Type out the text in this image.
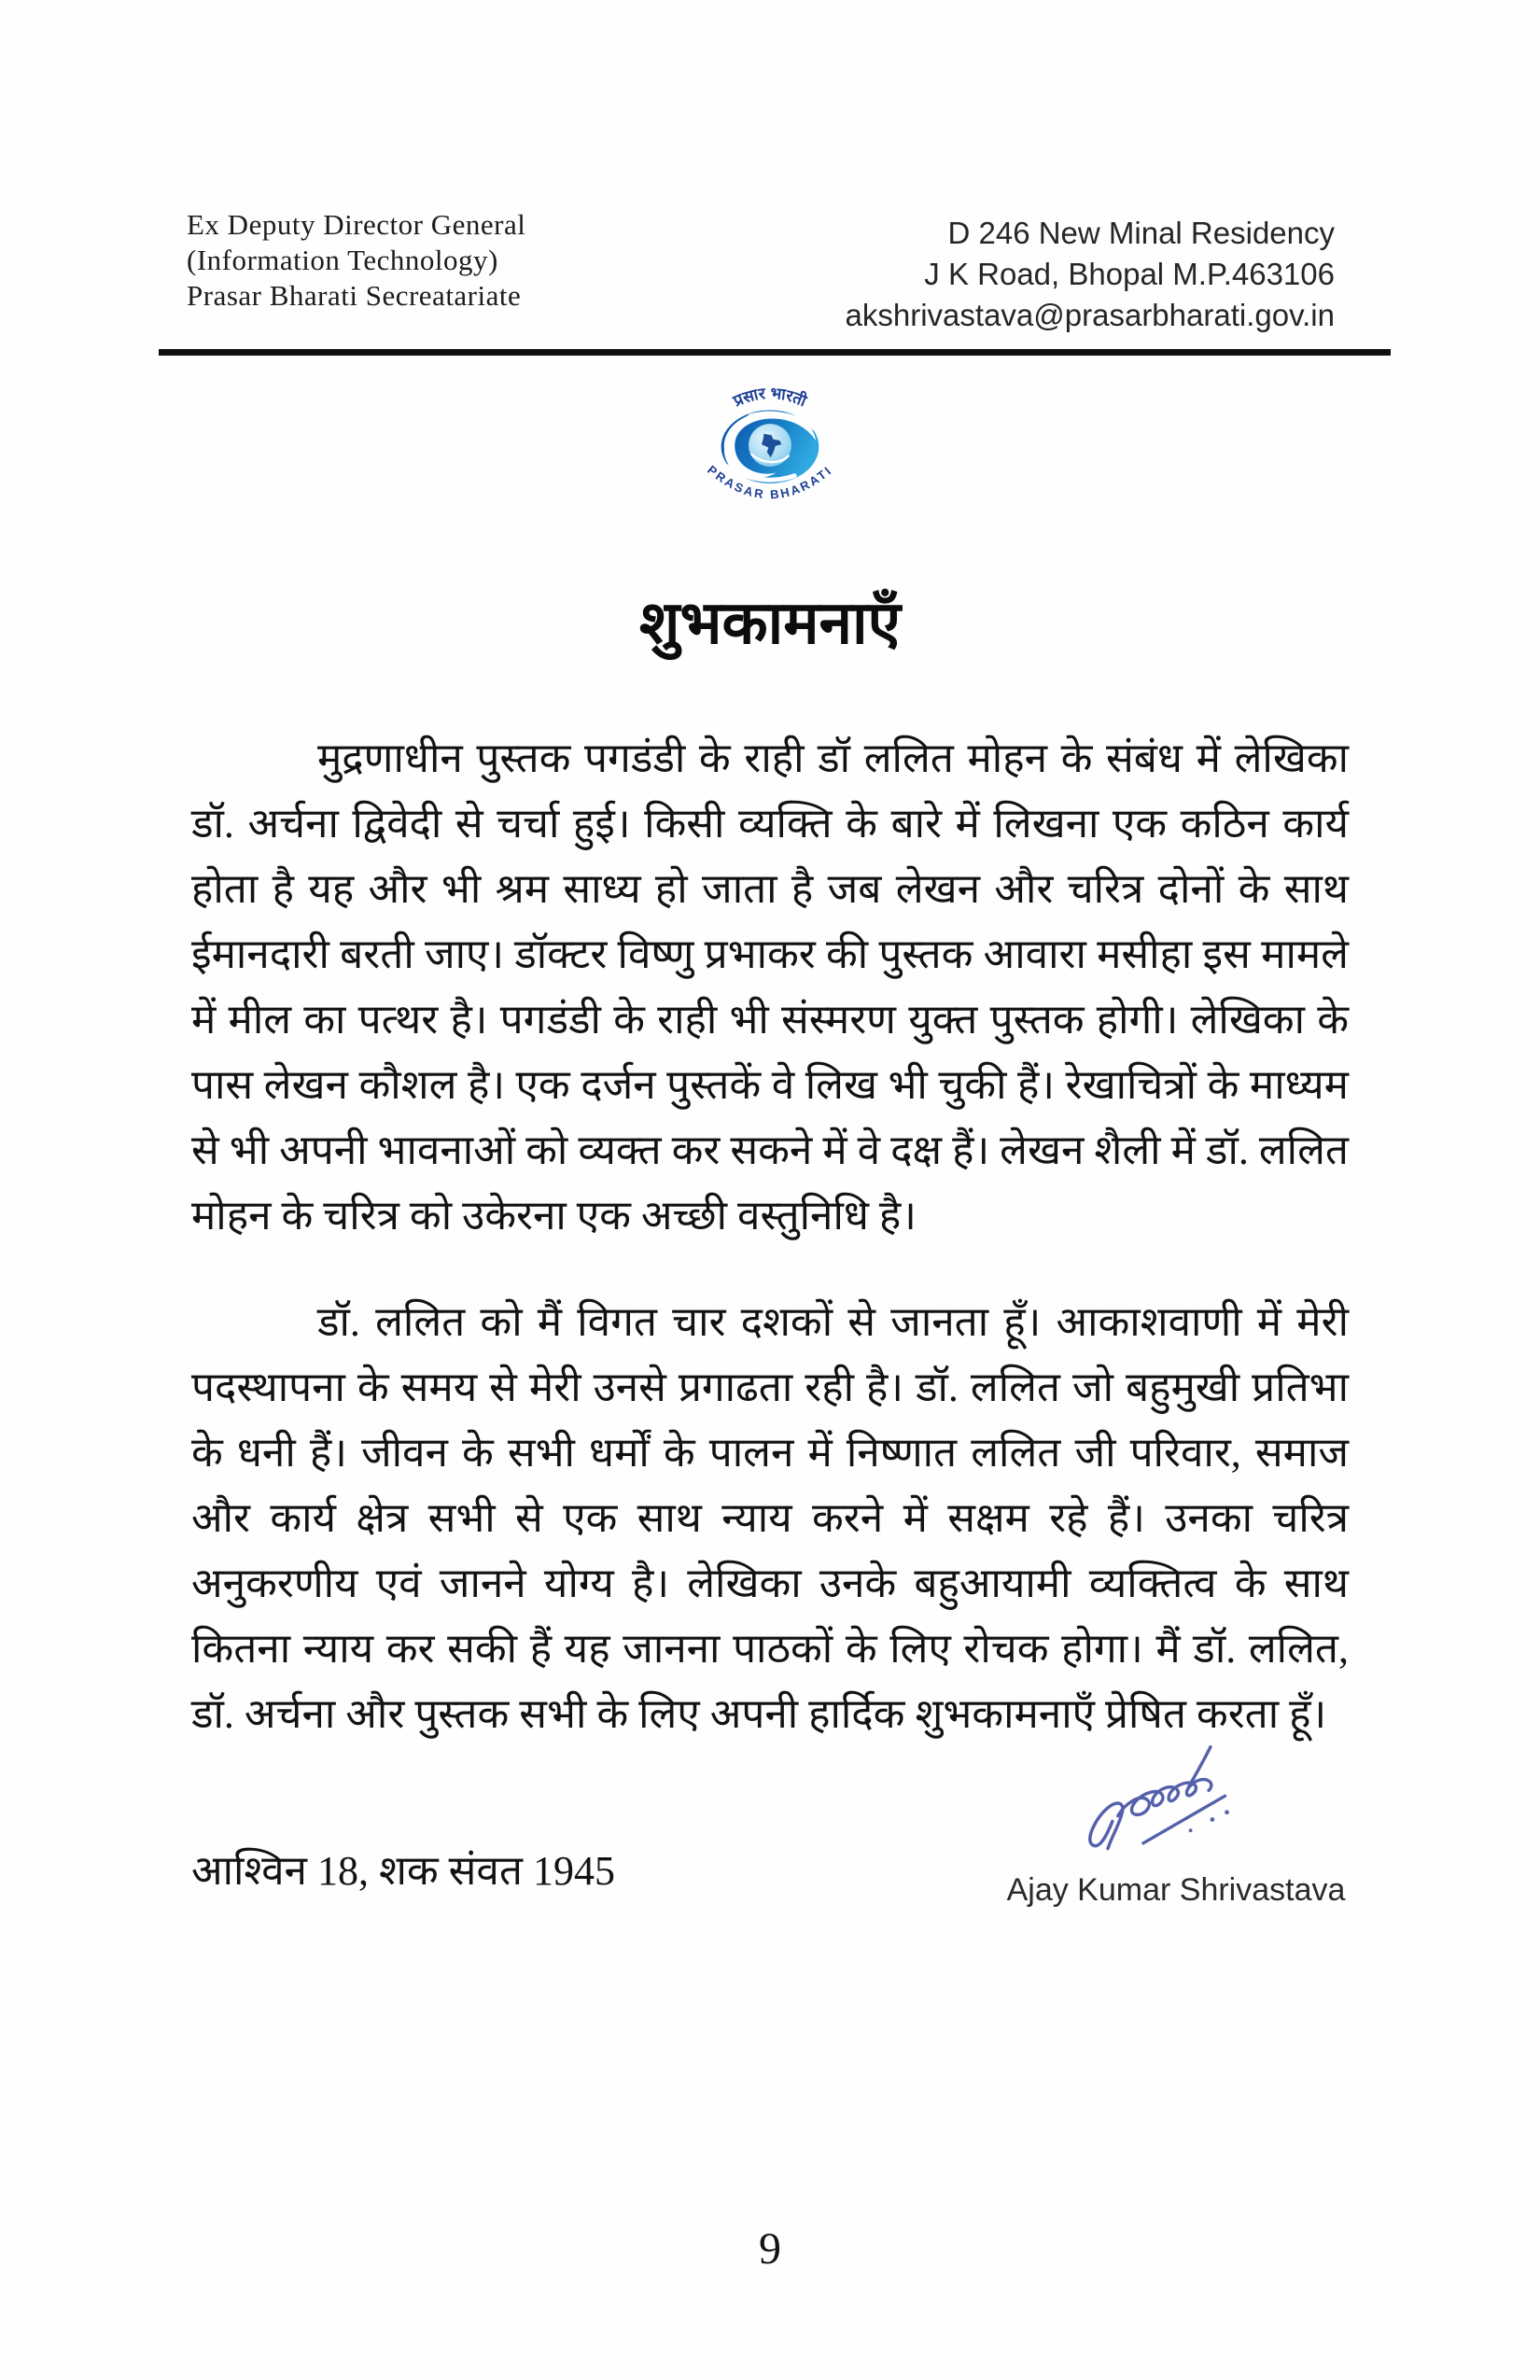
Ex Deputy Director General
(Information Technology)
Prasar Bharati Secreatariate
D 246 New Minal Residency
J K Road, Bhopal M.P.463106
akshrivastava@prasarbharati.gov.in
प्रसार भारती
PRASAR BHARATI
शुभकामनाएँ

मुद्रणाधीन पुस्तक पगडंडी के राही डॉ ललित मोहन के संबंध में लेखिका डॉ. अर्चना द्विवेदी से चर्चा हुई। किसी व्यक्ति के बारे में लिखना एक कठिन कार्य होता है यह और भी श्रम साध्य हो जाता है जब लेखन और चरित्र दोनों के साथ ईमानदारी बरती जाए। डॉक्टर विष्णु प्रभाकर की पुस्तक आवारा मसीहा इस मामले में मील का पत्थर है। पगडंडी के राही भी संस्मरण युक्त पुस्तक होगी। लेखिका के पास लेखन कौशल है। एक दर्जन पुस्तकें वे लिख भी चुकी हैं। रेखाचित्रों के माध्यम से भी अपनी भावनाओं को व्यक्त कर सकने में वे दक्ष हैं। लेखन शैली में डॉ. ललित मोहन के चरित्र को उकेरना एक अच्छी वस्तुनिधि है।

डॉ. ललित को मैं विगत चार दशकों से जानता हूँ। आकाशवाणी में मेरी पदस्थापना के समय से मेरी उनसे प्रगाढता रही है। डॉ. ललित जो बहुमुखी प्रतिभा के धनी हैं। जीवन के सभी धर्मों के पालन में निष्णात ललित जी परिवार, समाज और कार्य क्षेत्र सभी से एक साथ न्याय करने में सक्षम रहे हैं। उनका चरित्र अनुकरणीय एवं जानने योग्य है। लेखिका उनके बहुआयामी व्यक्तित्व के साथ कितना न्याय कर सकी हैं यह जानना पाठकों के लिए रोचक होगा। मैं डॉ. ललित, डॉ. अर्चना और पुस्तक सभी के लिए अपनी हार्दिक शुभकामनाएँ प्रेषित करता हूँ।

आश्विन 18, शक संवत 1945	Ajay Kumar Shrivastava
9
